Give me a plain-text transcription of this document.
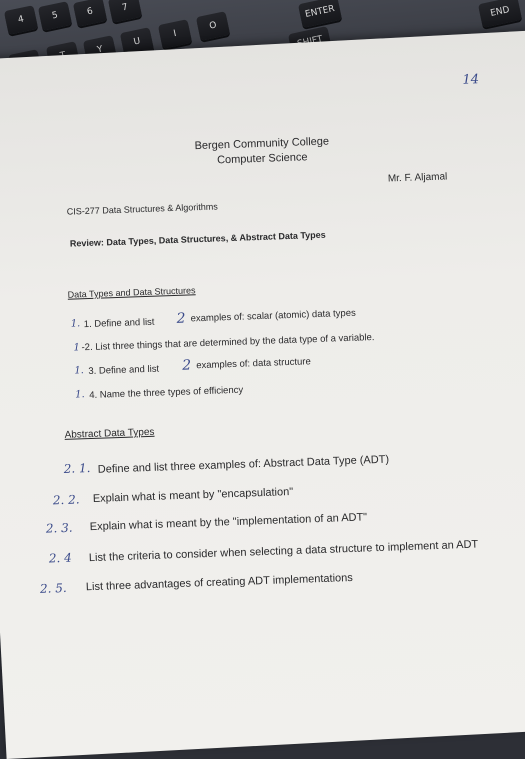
4	5	6	7
Y
U
I
O
ENTER	END
14
Bergen Community College
Computer Science
Mr. F. Aljamal
CIS-277 Data Structures & Algorithms
Review: Data Types, Data Structures, & Abstract Data Types
Data Types and Data Structures
1. 1. Define and list 2 examples of: scalar (atomic) data types
1 -2. List three things that are determined by the data type of a variable.
1. 3. Define and list 2 examples of: data structure
1. 4. Name the three types of efficiency
Abstract Data Types
2. 1. Define and list three examples of: Abstract Data Type (ADT)
2. 2. Explain what is meant by "encapsulation"
2. 3. Explain what is meant by the "implementation of an ADT"
2. 4 List the criteria to consider when selecting a data structure to implement an ADT
2. 5. List three advantages of creating ADT implementations
